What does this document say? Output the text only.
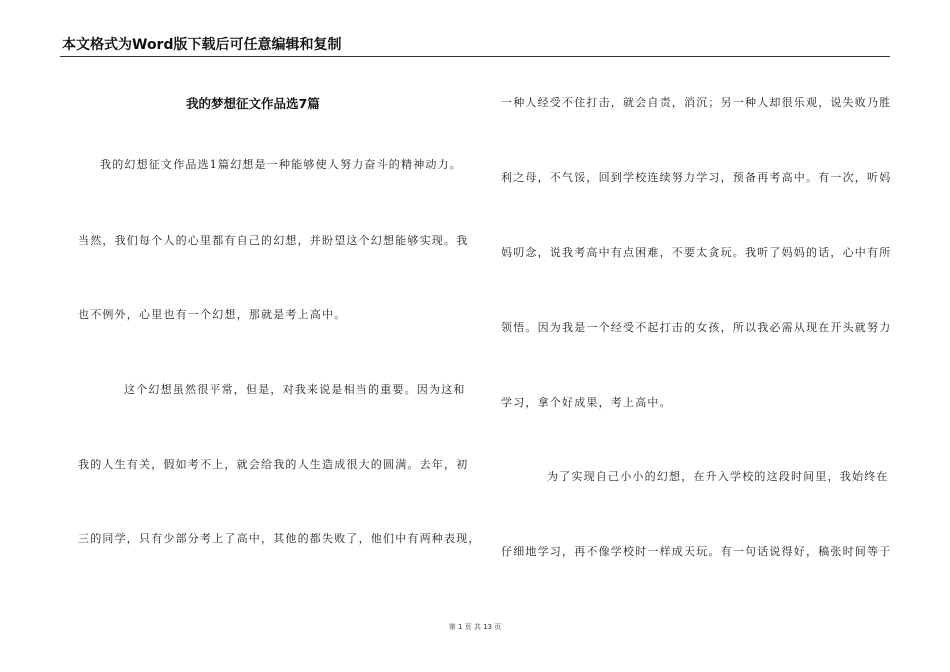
本文格式为Word版下载后可任意编辑和复制
我的梦想征文作品选7篇
我的幻想征文作品选1篇幻想是一种能够使人努力奋斗的精神动力。
当然，我们每个人的心里都有自己的幻想，并盼望这个幻想能够实现。我
也不例外，心里也有一个幻想，那就是考上高中。
这个幻想虽然很平常，但是，对我来说是相当的重要。因为这和
我的人生有关，假如考不上，就会给我的人生造成很大的圆满。去年，初
三的同学，只有少部分考上了高中，其他的都失败了，他们中有两种表现，
一种人经受不住打击，就会自责，消沉；另一种人却很乐观，说失败乃胜
利之母，不气馁，回到学校连续努力学习，预备再考高中。有一次，听妈
妈叨念，说我考高中有点困难，不要太贪玩。我听了妈妈的话，心中有所
领悟。因为我是一个经受不起打击的女孩，所以我必需从现在开头就努力
学习，拿个好成果，考上高中。
为了实现自己小小的幻想，在升入学校的这段时间里，我始终在
仔细地学习，再不像学校时一样成天玩。有一句话说得好，稿张时间等于
第 1 页 共 13 页
